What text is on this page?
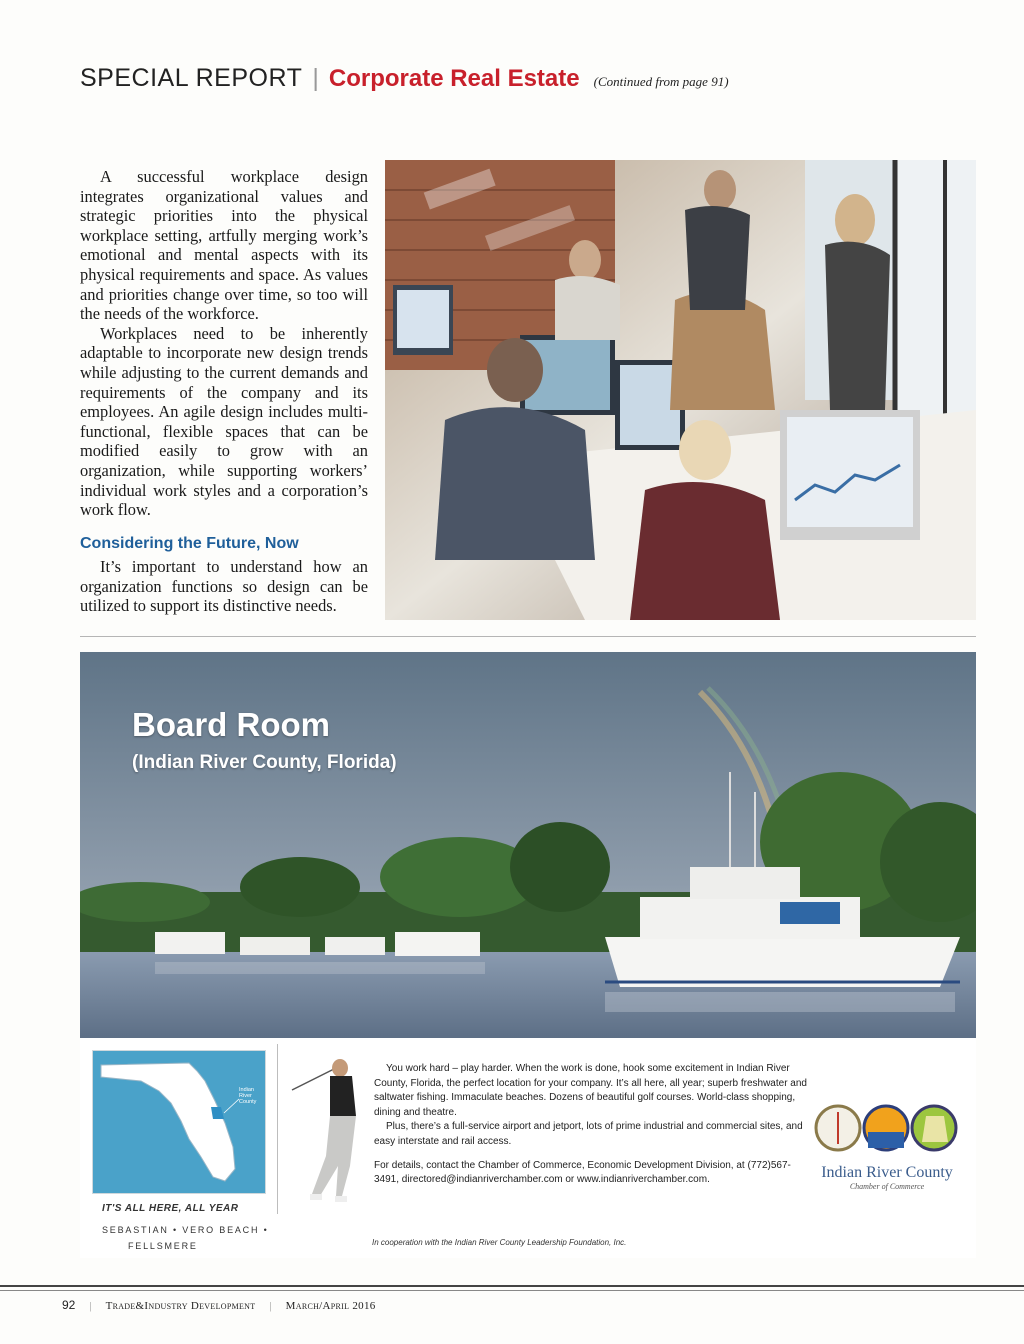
SPECIAL REPORT | Corporate Real Estate (Continued from page 91)

A successful workplace design integrates organizational values and strategic priorities into the physical workplace setting, artfully merging work’s emotional and mental aspects with its physical requirements and space. As values and priorities change over time, so too will the needs of the workforce.

Workplaces need to be inherently adaptable to incorporate new design trends while adjusting to the current demands and requirements of the company and its employees. An agile design includes multi-functional, flexible spaces that can be modified easily to grow with an organization, while supporting workers’ individual work styles and a corporation’s work flow.

Considering the Future, Now

It’s important to understand how an organization functions so design can be utilized to support its distinctive needs.

Board Room
(Indian River County, Florida)
Indian River County
IT'S ALL HERE, ALL YEAR
SEBASTIAN • VERO BEACH •
FELLSMERE

You work hard – play harder. When the work is done, hook some excitement in Indian River County, Florida, the perfect location for your company. It’s all here, all year; superb freshwater and saltwater fishing. Immaculate beaches. Dozens of beautiful golf courses. World-class shopping, dining and theatre.

Plus, there’s a full-service airport and jetport, lots of prime industrial and commercial sites, and easy interstate and rail access.

For details, contact the Chamber of Commerce, Economic Development Division, at (772)567-3491, directored@indianriverchamber.com or www.indianriverchamber.com.

In cooperation with the Indian River County Leadership Foundation, Inc.
Indian River County
Chamber of Commerce
92 | Trade&Industry Development | March/April 2016
